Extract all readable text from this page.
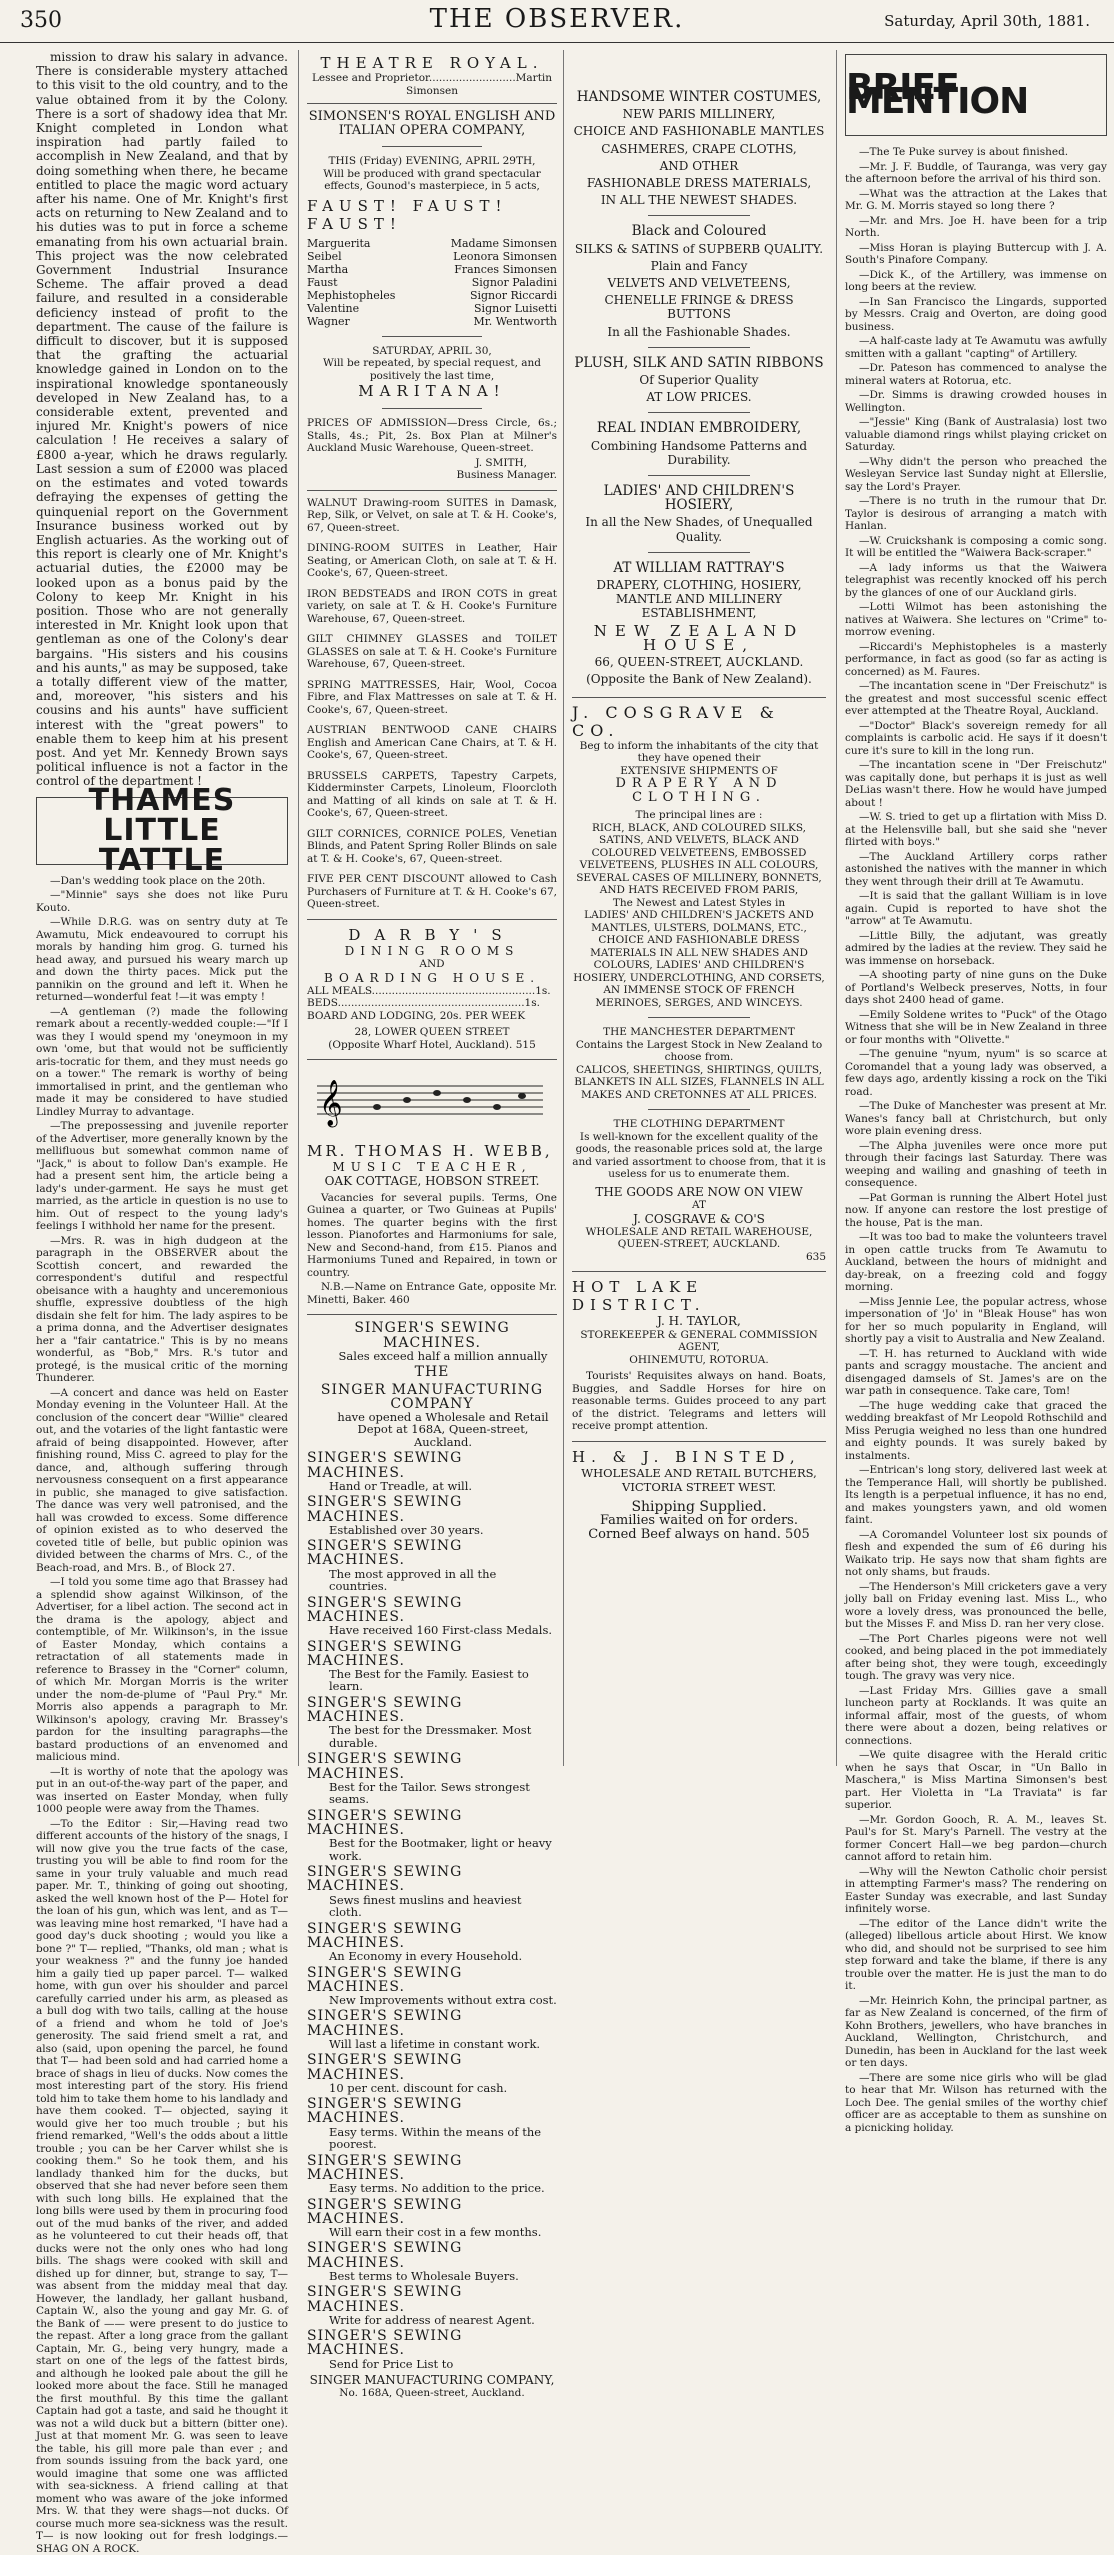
350	THE OBSERVER.	Saturday, April 30th, 1881.

mission to draw his salary in advance. There is considerable mystery attached to this visit to the old country, and to the value obtained from it by the Colony. There is a sort of shadowy idea that Mr. Knight completed in London what inspiration had partly failed to accomplish in New Zealand, and that by doing something when there, he became entitled to place the magic word actuary after his name. One of Mr. Knight's first acts on returning to New Zealand and to his duties was to put in force a scheme emanating from his own actuarial brain. This project was the now celebrated Government Industrial Insurance Scheme. The affair proved a dead failure, and resulted in a considerable deficiency instead of profit to the department. The cause of the failure is difficult to discover, but it is supposed that the grafting the actuarial knowledge gained in London on to the inspirational knowledge spontaneously developed in New Zealand has, to a considerable extent, prevented and injured Mr. Knight's powers of nice calculation ! He receives a salary of £800 a-year, which he draws regularly. Last session a sum of £2000 was placed on the estimates and voted towards defraying the expenses of getting the quinquenial report on the Government Insurance business worked out by English actuaries. As the working out of this report is clearly one of Mr. Knight's actuarial duties, the £2000 may be looked upon as a bonus paid by the Colony to keep Mr. Knight in his position. Those who are not generally interested in Mr. Knight look upon that gentleman as one of the Colony's dear bargains. "His sisters and his cousins and his aunts," as may be supposed, take a totally different view of the matter, and, moreover, "his sisters and his cousins and his aunts" have sufficient interest with the "great powers" to enable them to keep him at his present post. And yet Mr. Kennedy Brown says political influence is not a factor in the control of the department !

THAMES LITTLE TATTLE

—Dan's wedding took place on the 20th.

—"Minnie" says she does not like Puru Kouto.

—While D.R.G. was on sentry duty at Te Awamutu, Mick endeavoured to corrupt his morals by handing him grog. G. turned his head away, and pursued his weary march up and down the thirty paces. Mick put the pannikin on the ground and left it. When he returned—wonderful feat !—it was empty !

—A gentleman (?) made the following remark about a recently-wedded couple:—"If I was they I would spend my 'oneymoon in my own 'ome, but that would not be sufficiently aris-tocratic for them, and they must needs go on a tower." The remark is worthy of being immortalised in print, and the gentleman who made it may be considered to have studied Lindley Murray to advantage.

—The prepossessing and juvenile reporter of the Advertiser, more generally known by the mellifluous but somewhat common name of "Jack," is about to follow Dan's example. He had a present sent him, the article being a lady's under-garment. He says he must get married, as the article in question is no use to him. Out of respect to the young lady's feelings I withhold her name for the present.

—Mrs. R. was in high dudgeon at the paragraph in the OBSERVER about the Scottish concert, and rewarded the correspondent's dutiful and respectful obeisance with a haughty and unceremonious shuffle, expressive doubtless of the high disdain she felt for him. The lady aspires to be a prima donna, and the Advertiser designates her a "fair cantatrice." This is by no means wonderful, as "Bob," Mrs. R.'s tutor and protegé, is the musical critic of the morning Thunderer.

—A concert and dance was held on Easter Monday evening in the Volunteer Hall. At the conclusion of the concert dear "Willie" cleared out, and the votaries of the light fantastic were afraid of being disappointed. However, after finishing round, Miss C. agreed to play for the dance, and, although suffering through nervousness consequent on a first appearance in public, she managed to give satisfaction. The dance was very well patronised, and the hall was crowded to excess. Some difference of opinion existed as to who deserved the coveted title of belle, but public opinion was divided between the charms of Mrs. C., of the Beach-road, and Mrs. B., of Block 27.

—I told you some time ago that Brassey had a splendid show against Wilkinson, of the Advertiser, for a libel action. The second act in the drama is the apology, abject and contemptible, of Mr. Wilkinson's, in the issue of Easter Monday, which contains a retractation of all statements made in reference to Brassey in the "Corner" column, of which Mr. Morgan Morris is the writer under the nom-de-plume of "Paul Pry." Mr. Morris also appends a paragraph to Mr. Wilkinson's apology, craving Mr. Brassey's pardon for the insulting paragraphs—the bastard productions of an envenomed and malicious mind.

—It is worthy of note that the apology was put in an out-of-the-way part of the paper, and was inserted on Easter Monday, when fully 1000 people were away from the Thames.

—To the Editor : Sir,—Having read two different accounts of the history of the snags, I will now give you the true facts of the case, trusting you will be able to find room for the same in your truly valuable and much read paper. Mr. T., thinking of going out shooting, asked the well known host of the P— Hotel for the loan of his gun, which was lent, and as T— was leaving mine host remarked, "I have had a good day's duck shooting ; would you like a bone ?" T— replied, "Thanks, old man ; what is your weakness ?" and the funny joe handed him a gaily tied up paper parcel. T— walked home, with gun over his shoulder and parcel carefully carried under his arm, as pleased as a bull dog with two tails, calling at the house of a friend and whom he told of Joe's generosity. The said friend smelt a rat, and also (said, upon opening the parcel, he found that T— had been sold and had carried home a brace of shags in lieu of ducks. Now comes the most interesting part of the story. His friend told him to take them home to his landlady and have them cooked. T— objected, saying it would give her too much trouble ; but his friend remarked, "Well's the odds about a little trouble ; you can be her Carver whilst she is cooking them." So he took them, and his landlady thanked him for the ducks, but observed that she had never before seen them with such long bills. He explained that the long bills were used by them in procuring food out of the mud banks of the river, and added as he volunteered to cut their heads off, that ducks were not the only ones who had long bills. The shags were cooked with skill and dished up for dinner, but, strange to say, T— was absent from the midday meal that day. However, the landlady, her gallant husband, Captain W., also the young and gay Mr. G. of the Bank of —— were present to do justice to the repast. After a long grace from the gallant Captain, Mr. G., being very hungry, made a start on one of the legs of the fattest birds, and although he looked pale about the gill he looked more about the face. Still he managed the first mouthful. By this time the gallant Captain had got a taste, and said he thought it was not a wild duck but a bittern (bitter one). Just at that moment Mr. G. was seen to leave the table, his gill more pale than ever ; and from sounds issuing from the back yard, one would imagine that some one was afflicted with sea-sickness. A friend calling at that moment who was aware of the joke informed Mrs. W. that they were shags—not ducks. Of course much more sea-sickness was the result. T— is now looking out for fresh lodgings.—SHAG ON A ROCK.

THEATRE ROYAL.
Lessee and Proprietor..........................Martin Simonsen
SIMONSEN'S ROYAL ENGLISH AND ITALIAN OPERA COMPANY,
THIS (Friday) EVENING, APRIL 29TH,
Will be produced with grand spectacular effects, Gounod's masterpiece, in 5 acts,
FAUST! FAUST! FAUST!
Marguerita	Madame Simonsen
Seibel	Leonora Simonsen
Martha	Frances Simonsen
Faust	Signor Paladini
Mephistopheles	Signor Riccardi
Valentine	Signor Luisetti
Wagner	Mr. Wentworth
SATURDAY, APRIL 30,
Will be repeated, by special request, and positively the last time,
MARITANA!

PRICES OF ADMISSION—Dress Circle, 6s.; Stalls, 4s.; Pit, 2s. Box Plan at Milner's Auckland Music Warehouse, Queen-street.

J. SMITH,
Business Manager.

WALNUT Drawing-room SUITES in Damask, Rep, Silk, or Velvet, on sale at T. & H. Cooke's, 67, Queen-street.

DINING-ROOM SUITES in Leather, Hair Seating, or American Cloth, on sale at T. & H. Cooke's, 67, Queen-street.

IRON BEDSTEADS and IRON COTS in great variety, on sale at T. & H. Cooke's Furniture Warehouse, 67, Queen-street.

GILT CHIMNEY GLASSES and TOILET GLASSES on sale at T. & H. Cooke's Furniture Warehouse, 67, Queen-street.

SPRING MATTRESSES, Hair, Wool, Cocoa Fibre, and Flax Mattresses on sale at T. & H. Cooke's, 67, Queen-street.

AUSTRIAN BENTWOOD CANE CHAIRS English and American Cane Chairs, at T. & H. Cooke's, 67, Queen-street.

BRUSSELS CARPETS, Tapestry Carpets, Kidderminster Carpets, Linoleum, Floorcloth and Matting of all kinds on sale at T. & H. Cooke's, 67, Queen-street.

GILT CORNICES, CORNICE POLES, Venetian Blinds, and Patent Spring Roller Blinds on sale at T. & H. Cooke's, 67, Queen-street.

FIVE PER CENT DISCOUNT allowed to Cash Purchasers of Furniture at T. & H. Cooke's 67, Queen-street.

DARBY'S
DINING ROOMS
AND
BOARDING HOUSE.
ALL MEALS.................................................1s.
BEDS........................................................1s.
BOARD AND LODGING, 20s. PER WEEK
28, LOWER QUEEN STREET
(Opposite Wharf Hotel, Auckland). 515
𝄞
MR. THOMAS H. WEBB,
MUSIC TEACHER,
OAK COTTAGE, HOBSON STREET.

Vacancies for several pupils. Terms, One Guinea a quarter, or Two Guineas at Pupils' homes. The quarter begins with the first lesson. Pianofortes and Harmoniums for sale, New and Second-hand, from £15. Pianos and Harmoniums Tuned and Repaired, in town or country.

N.B.—Name on Entrance Gate, opposite Mr. Minetti, Baker. 460

SINGER'S SEWING MACHINES.
Sales exceed half a million annually
THE
SINGER MANUFACTURING COMPANY
have opened a Wholesale and Retail Depot at 168A, Queen-street, Auckland.
SINGER'S SEWING MACHINES.
Hand or Treadle, at will.
SINGER'S SEWING MACHINES.
Established over 30 years.
SINGER'S SEWING MACHINES.
The most approved in all the countries.
SINGER'S SEWING MACHINES.
Have received 160 First-class Medals.
SINGER'S SEWING MACHINES.
The Best for the Family. Easiest to learn.
SINGER'S SEWING MACHINES.
The best for the Dressmaker. Most durable.
SINGER'S SEWING MACHINES.
Best for the Tailor. Sews strongest seams.
SINGER'S SEWING MACHINES.
Best for the Bootmaker, light or heavy work.
SINGER'S SEWING MACHINES.
Sews finest muslins and heaviest cloth.
SINGER'S SEWING MACHINES.
An Economy in every Household.
SINGER'S SEWING MACHINES.
New Improvements without extra cost.
SINGER'S SEWING MACHINES.
Will last a lifetime in constant work.
SINGER'S SEWING MACHINES.
10 per cent. discount for cash.
SINGER'S SEWING MACHINES.
Easy terms. Within the means of the poorest.
SINGER'S SEWING MACHINES.
Easy terms. No addition to the price.
SINGER'S SEWING MACHINES.
Will earn their cost in a few months.
SINGER'S SEWING MACHINES.
Best terms to Wholesale Buyers.
SINGER'S SEWING MACHINES.
Write for address of nearest Agent.
SINGER'S SEWING MACHINES.
Send for Price List to
SINGER MANUFACTURING COMPANY,
No. 168A, Queen-street, Auckland.
HANDSOME WINTER COSTUMES,
NEW PARIS MILLINERY,
CHOICE AND FASHIONABLE MANTLES
CASHMERES, CRAPE CLOTHS,
AND OTHER
FASHIONABLE DRESS MATERIALS,
IN ALL THE NEWEST SHADES.
Black and Coloured
SILKS & SATINS of SUPBERB QUALITY.
Plain and Fancy
VELVETS AND VELVETEENS,
CHENELLE FRINGE & DRESS BUTTONS
In all the Fashionable Shades.
PLUSH, SILK AND SATIN RIBBONS
Of Superior Quality
AT LOW PRICES.
REAL INDIAN EMBROIDERY,
Combining Handsome Patterns and Durability.
LADIES' AND CHILDREN'S HOSIERY,
In all the New Shades, of Unequalled Quality.
AT WILLIAM RATTRAY'S
DRAPERY, CLOTHING, HOSIERY, MANTLE AND MILLINERY ESTABLISHMENT,
NEW ZEALAND HOUSE,
66, QUEEN-STREET, AUCKLAND.
(Opposite the Bank of New Zealand).
J. COSGRAVE & CO.
Beg to inform the inhabitants of the city that they have opened their
EXTENSIVE SHIPMENTS OF
DRAPERY AND CLOTHING.
The principal lines are :
RICH, BLACK, AND COLOURED SILKS, SATINS, AND VELVETS, BLACK AND COLOURED VELVETEENS, EMBOSSED VELVETEENS, PLUSHES IN ALL COLOURS, SEVERAL CASES OF MILLINERY, BONNETS, AND HATS RECEIVED FROM PARIS,
The Newest and Latest Styles in
LADIES' AND CHILDREN'S JACKETS AND MANTLES, ULSTERS, DOLMANS, ETC., CHOICE AND FASHIONABLE DRESS MATERIALS IN ALL NEW SHADES AND COLOURS, LADIES' AND CHILDREN'S HOSIERY, UNDERCLOTHING, AND CORSETS, AN IMMENSE STOCK OF FRENCH MERINOES, SERGES, AND WINCEYS.
THE MANCHESTER DEPARTMENT
Contains the Largest Stock in New Zealand to choose from.
CALICOS, SHEETINGS, SHIRTINGS, QUILTS, BLANKETS IN ALL SIZES, FLANNELS IN ALL MAKES AND CRETONNES AT ALL PRICES.
THE CLOTHING DEPARTMENT
Is well-known for the excellent quality of the goods, the reasonable prices sold at, the large and varied assortment to choose from, that it is useless for us to enumerate them.
THE GOODS ARE NOW ON VIEW
AT
J. COSGRAVE & CO'S
WHOLESALE AND RETAIL WAREHOUSE,
QUEEN-STREET, AUCKLAND.
635
HOT LAKE DISTRICT.
J. H. TAYLOR,
STOREKEEPER & GENERAL COMMISSION AGENT,
OHINEMUTU, ROTORUA.

Tourists' Requisites always on hand. Boats, Buggies, and Saddle Horses for hire on reasonable terms. Guides proceed to any part of the district. Telegrams and letters will receive prompt attention.

H. & J. BINSTED,
WHOLESALE AND RETAIL BUTCHERS,
VICTORIA STREET WEST.
Shipping Supplied.
Families waited on for orders.
Corned Beef always on hand. 505
BRIEF MENTION

—The Te Puke survey is about finished.

—Mr. J. F. Buddle, of Tauranga, was very gay the afternoon before the arrival of his third son.

—What was the attraction at the Lakes that Mr. G. M. Morris stayed so long there ?

—Mr. and Mrs. Joe H. have been for a trip North.

—Miss Horan is playing Buttercup with J. A. South's Pinafore Company.

—Dick K., of the Artillery, was immense on long beers at the review.

—In San Francisco the Lingards, supported by Messrs. Craig and Overton, are doing good business.

—A half-caste lady at Te Awamutu was awfully smitten with a gallant "capting" of Artillery.

—Dr. Pateson has commenced to analyse the mineral waters at Rotorua, etc.

—Dr. Simms is drawing crowded houses in Wellington.

—"Jessie" King (Bank of Australasia) lost two valuable diamond rings whilst playing cricket on Saturday.

—Why didn't the person who preached the Wesleyan Service last Sunday night at Ellerslie, say the Lord's Prayer.

—There is no truth in the rumour that Dr. Taylor is desirous of arranging a match with Hanlan.

—W. Cruickshank is composing a comic song. It will be entitled the "Waiwera Back-scraper."

—A lady informs us that the Waiwera telegraphist was recently knocked off his perch by the glances of one of our Auckland girls.

—Lotti Wilmot has been astonishing the natives at Waiwera. She lectures on "Crime" to-morrow evening.

—Riccardi's Mephistopheles is a masterly performance, in fact as good (so far as acting is concerned) as M. Faures.

—The incantation scene in "Der Freischutz" is the greatest and most successful scenic effect ever attempted at the Theatre Royal, Auckland.

—"Doctor" Black's sovereign remedy for all complaints is carbolic acid. He says if it doesn't cure it's sure to kill in the long run.

—The incantation scene in "Der Freischutz" was capitally done, but perhaps it is just as well DeLias wasn't there. How he would have jumped about !

—W. S. tried to get up a flirtation with Miss D. at the Helensville ball, but she said she "never flirted with boys."

—The Auckland Artillery corps rather astonished the natives with the manner in which they went through their drill at Te Awamutu.

—It is said that the gallant William is in love again. Cupid is reported to have shot the "arrow" at Te Awamutu.

—Little Billy, the adjutant, was greatly admired by the ladies at the review. They said he was immense on horseback.

—A shooting party of nine guns on the Duke of Portland's Welbeck preserves, Notts, in four days shot 2400 head of game.

—Emily Soldene writes to "Puck" of the Otago Witness that she will be in New Zealand in three or four months with "Olivette."

—The genuine "nyum, nyum" is so scarce at Coromandel that a young lady was observed, a few days ago, ardently kissing a rock on the Tiki road.

—The Duke of Manchester was present at Mr. Wanes's fancy ball at Christchurch, but only wore plain evening dress.

—The Alpha juveniles were once more put through their facings last Saturday. There was weeping and wailing and gnashing of teeth in consequence.

—Pat Gorman is running the Albert Hotel just now. If anyone can restore the lost prestige of the house, Pat is the man.

—It was too bad to make the volunteers travel in open cattle trucks from Te Awamutu to Auckland, between the hours of midnight and day-break, on a freezing cold and foggy morning.

—Miss Jennie Lee, the popular actress, whose impersonation of 'Jo' in "Bleak House" has won for her so much popularity in England, will shortly pay a visit to Australia and New Zealand.

—T. H. has returned to Auckland with wide pants and scraggy moustache. The ancient and disengaged damsels of St. James's are on the war path in consequence. Take care, Tom!

—The huge wedding cake that graced the wedding breakfast of Mr Leopold Rothschild and Miss Perugia weighed no less than one hundred and eighty pounds. It was surely baked by instalments.

—Entrican's long story, delivered last week at the Temperance Hall, will shortly be published. Its length is a perpetual influence, it has no end, and makes youngsters yawn, and old women faint.

—A Coromandel Volunteer lost six pounds of flesh and expended the sum of £6 during his Waikato trip. He says now that sham fights are not only shams, but frauds.

—The Henderson's Mill cricketers gave a very jolly ball on Friday evening last. Miss L., who wore a lovely dress, was pronounced the belle, but the Misses F. and Miss D. ran her very close.

—The Port Charles pigeons were not well cooked, and being placed in the pot immediately after being shot, they were tough, exceedingly tough. The gravy was very nice.

—Last Friday Mrs. Gillies gave a small luncheon party at Rocklands. It was quite an informal affair, most of the guests, of whom there were about a dozen, being relatives or connections.

—We quite disagree with the Herald critic when he says that Oscar, in "Un Ballo in Maschera," is Miss Martina Simonsen's best part. Her Violetta in "La Traviata" is far superior.

—Mr. Gordon Gooch, R. A. M., leaves St. Paul's for St. Mary's Parnell. The vestry at the former Concert Hall—we beg pardon—church cannot afford to retain him.

—Why will the Newton Catholic choir persist in attempting Farmer's mass? The rendering on Easter Sunday was execrable, and last Sunday infinitely worse.

—The editor of the Lance didn't write the (alleged) libellous article about Hirst. We know who did, and should not be surprised to see him step forward and take the blame, if there is any trouble over the matter. He is just the man to do it.

—Mr. Heinrich Kohn, the principal partner, as far as New Zealand is concerned, of the firm of Kohn Brothers, jewellers, who have branches in Auckland, Wellington, Christchurch, and Dunedin, has been in Auckland for the last week or ten days.

—There are some nice girls who will be glad to hear that Mr. Wilson has returned with the Loch Dee. The genial smiles of the worthy chief officer are as acceptable to them as sunshine on a picnicking holiday.
